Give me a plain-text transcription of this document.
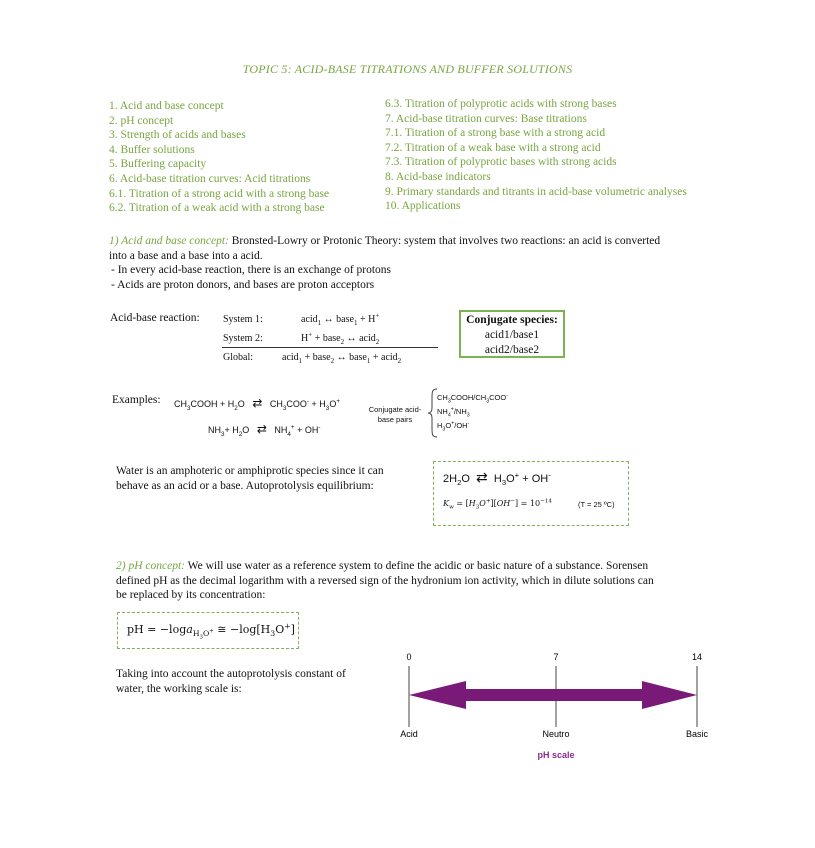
TOPIC 5: ACID-BASE TITRATIONS AND BUFFER SOLUTIONS
1. Acid and base concept
2. pH concept
3. Strength of acids and bases
4. Buffer solutions
5. Buffering capacity
6. Acid-base titration curves: Acid titrations
6.1. Titration of a strong acid with a strong base
6.2. Titration of a weak acid with a strong base
6.3. Titration of polyprotic acids with strong bases
7. Acid-base titration curves: Base titrations
7.1. Titration of a strong base with a strong acid
7.2. Titration of a weak base with a strong acid
7.3. Titration of polyprotic bases with strong acids
8. Acid-base indicators
9. Primary standards and titrants in acid-base volumetric analyses
10. Applications
1) Acid and base concept: Bronsted-Lowry or Protonic Theory: system that involves two reactions: an acid is converted
into a base and a base into a acid.
- In every acid-base reaction, there is an exchange of protons
- Acids are proton donors, and bases are proton acceptors
Acid-base reaction: System 1:	acid$_1$ ↔ base$_1$ + H+
System 2:	H+ + base$_2$ ↔ acid$_2$
Global:	acid$_1$ + base$_2$ ↔ base$_1$ + acid$_2$
Conjugate species:
acid1/base1
acid2/base2
Examples: $CH_3COOH + H_2O$   ⇄   $CH_3COO^- + H_3O^+$
$NH_3+ H_2O$   ⇄   $NH_4^+ + OH^-$
Conjugate acid-
base pairs
$CH_3COOH/CH_3COO^-$
$NH_4^+/NH_3$
$H_3O^+/OH^-$
Water is an amphoteric or amphiprotic species since it can
behave as an acid or a base. Autoprotolysis equilibrium:
$2H_2O$  ⇄  $H_3O^+ + OH^-$
$K_w = [H_3O^+][OH^-] = 10^{-14}$	(T = 25 ºC)
2) pH concept: We will use water as a reference system to define the acidic or basic nature of a substance. Sorensen
defined pH as the decimal logarithm with a reversed sign of the hydronium ion activity, which in dilute solutions can
be replaced by its concentration:
pH = −loga$_{H_3O^+}$ ≅ $-\log[H_3O^+]$
Taking into account the autoprotolysis constant of
water, the working scale is:
0	7	14
Acid	Neutro	Basic
pH scale
